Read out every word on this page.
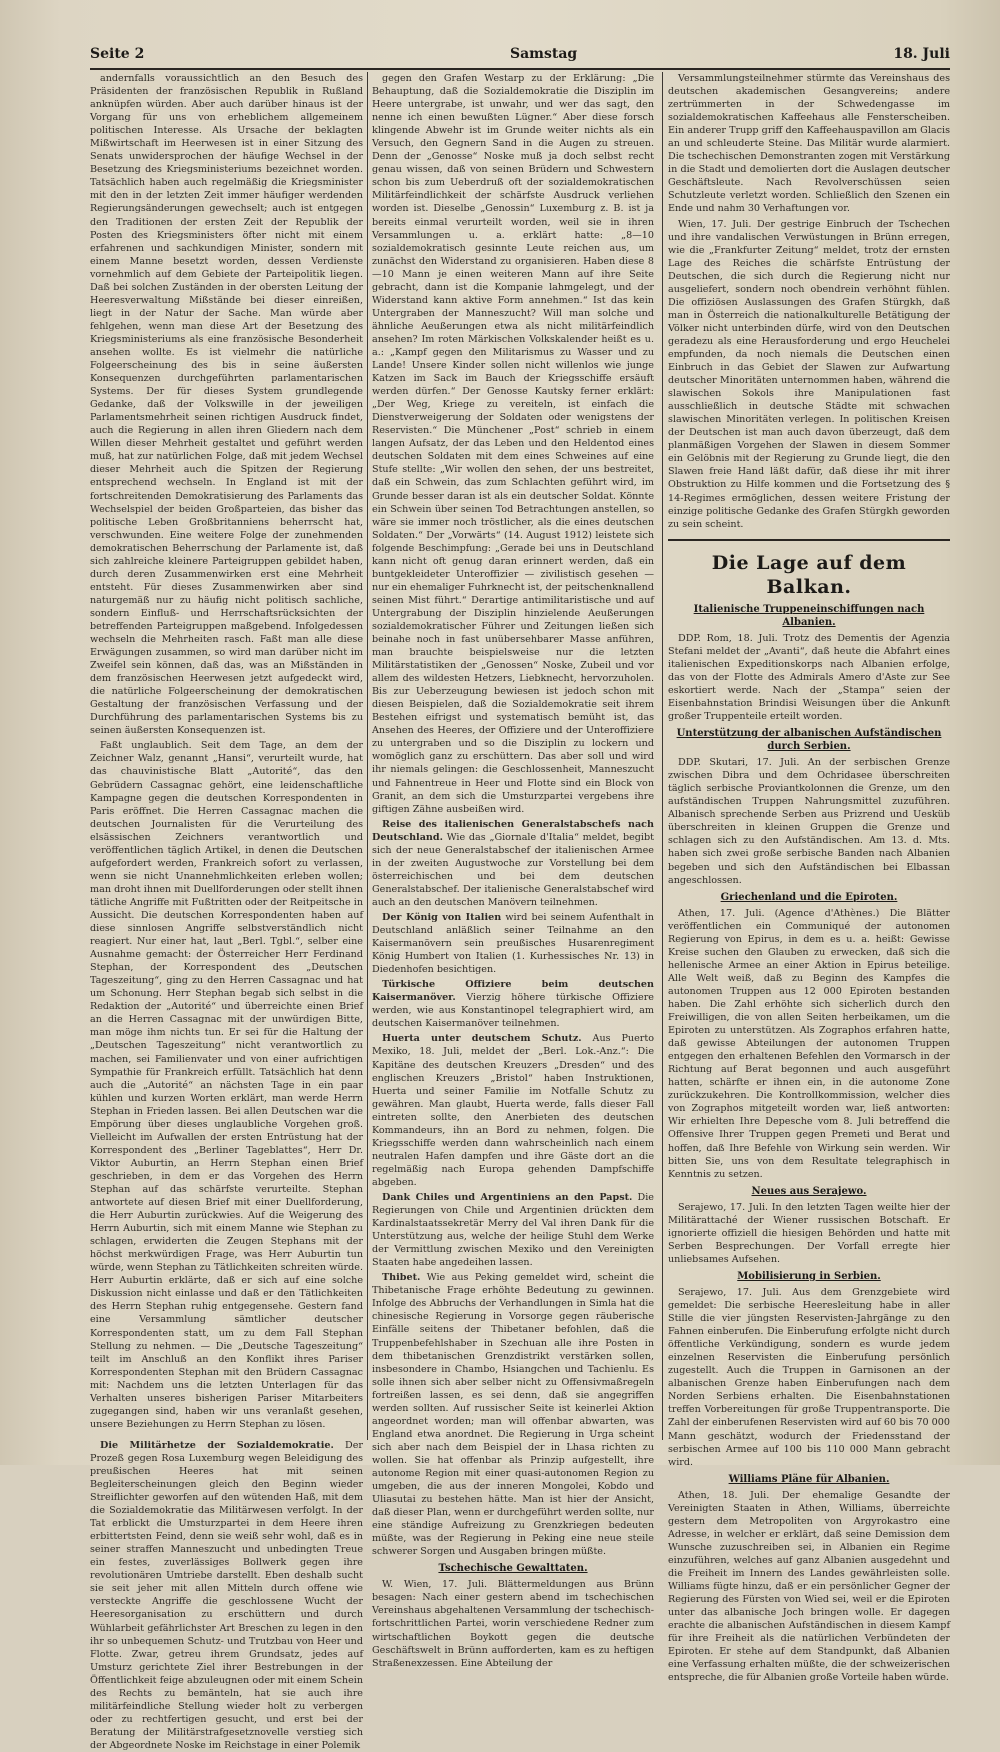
Seite 2	Samstag	18. Juli

andernfalls voraussichtlich an den Besuch des Präsidenten der französischen Republik in Rußland anknüpfen würden. Aber auch darüber hinaus ist der Vorgang für uns von erheblichem allgemeinem politischen Interesse. Als Ursache der beklagten Mißwirtschaft im Heerwesen ist in einer Sitzung des Senats unwidersprochen der häufige Wechsel in der Besetzung des Kriegsministeriums bezeichnet worden. Tatsächlich haben auch regelmäßig die Kriegsminister mit den in der letzten Zeit immer häufiger werdenden Regierungsänderungen gewechselt; auch ist entgegen den Traditionen der ersten Zeit der Republik der Posten des Kriegsministers öfter nicht mit einem erfahrenen und sachkundigen Minister, sondern mit einem Manne besetzt worden, dessen Verdienste vornehmlich auf dem Gebiete der Parteipolitik liegen. Daß bei solchen Zuständen in der obersten Leitung der Heeresverwaltung Mißstände bei dieser einreißen, liegt in der Natur der Sache. Man würde aber fehlgehen, wenn man diese Art der Besetzung des Kriegsministeriums als eine französische Besonderheit ansehen wollte. Es ist vielmehr die natürliche Folgeerscheinung des bis in seine äußersten Konsequenzen durchgeführten parlamentarischen Systems. Der für dieses System grundlegende Gedanke, daß der Volkswille in der jeweiligen Parlamentsmehrheit seinen richtigen Ausdruck findet, auch die Regierung in allen ihren Gliedern nach dem Willen dieser Mehrheit gestaltet und geführt werden muß, hat zur natürlichen Folge, daß mit jedem Wechsel dieser Mehrheit auch die Spitzen der Regierung entsprechend wechseln. In England ist mit der fortschreitenden Demokratisierung des Parlaments das Wechselspiel der beiden Großparteien, das bisher das politische Leben Großbritanniens beherrscht hat, verschwunden. Eine weitere Folge der zunehmenden demokratischen Beherrschung der Parlamente ist, daß sich zahlreiche kleinere Parteigruppen gebildet haben, durch deren Zusammenwirken erst eine Mehrheit entsteht. Für dieses Zusammenwirken aber sind naturgemäß nur zu häufig nicht politisch sachliche, sondern Einfluß- und Herrschaftsrücksichten der betreffenden Parteigruppen maßgebend. Infolgedessen wechseln die Mehrheiten rasch. Faßt man alle diese Erwägungen zusammen, so wird man darüber nicht im Zweifel sein können, daß das, was an Mißständen in dem französischen Heerwesen jetzt aufgedeckt wird, die natürliche Folgeerscheinung der demokratischen Gestaltung der französischen Verfassung und der Durchführung des parlamentarischen Systems bis zu seinen äußersten Konsequenzen ist.

Faßt unglaublich. Seit dem Tage, an dem der Zeichner Walz, genannt „Hansi“, verurteilt wurde, hat das chauvinistische Blatt „Autorité“, das den Gebrüdern Cassagnac gehört, eine leidenschaftliche Kampagne gegen die deutschen Korrespondenten in Paris eröffnet. Die Herren Cassagnac machen die deutschen Journalisten für die Verurteilung des elsässischen Zeichners verantwortlich und veröffentlichen täglich Artikel, in denen die Deutschen aufgefordert werden, Frankreich sofort zu verlassen, wenn sie nicht Unannehmlichkeiten erleben wollen; man droht ihnen mit Duellforderungen oder stellt ihnen tätliche Angriffe mit Fußtritten oder der Reitpeitsche in Aussicht. Die deutschen Korrespondenten haben auf diese sinnlosen Angriffe selbstverständlich nicht reagiert. Nur einer hat, laut „Berl. Tgbl.“, selber eine Ausnahme gemacht: der Österreicher Herr Ferdinand Stephan, der Korrespondent des „Deutschen Tageszeitung“, ging zu den Herren Cassagnac und hat um Schonung. Herr Stephan begab sich selbst in die Redaktion der „Autorité“ und überreichte einen Brief an die Herren Cassagnac mit der unwürdigen Bitte, man möge ihm nichts tun. Er sei für die Haltung der „Deutschen Tageszeitung“ nicht verantwortlich zu machen, sei Familienvater und von einer aufrichtigen Sympathie für Frankreich erfüllt. Tatsächlich hat denn auch die „Autorité“ an nächsten Tage in ein paar kühlen und kurzen Worten erklärt, man werde Herrn Stephan in Frieden lassen. Bei allen Deutschen war die Empörung über dieses unglaubliche Vorgehen groß. Vielleicht im Aufwallen der ersten Entrüstung hat der Korrespondent des „Berliner Tageblattes“, Herr Dr. Viktor Auburtin, an Herrn Stephan einen Brief geschrieben, in dem er das Vorgehen des Herrn Stephan auf das schärfste verurteilte. Stephan antwortete auf diesen Brief mit einer Duellforderung, die Herr Auburtin zurückwies. Auf die Weigerung des Herrn Auburtin, sich mit einem Manne wie Stephan zu schlagen, erwiderten die Zeugen Stephans mit der höchst merkwürdigen Frage, was Herr Auburtin tun würde, wenn Stephan zu Tätlichkeiten schreiten würde. Herr Auburtin erklärte, daß er sich auf eine solche Diskussion nicht einlasse und daß er den Tätlichkeiten des Herrn Stephan ruhig entgegensehe. Gestern fand eine Versammlung sämtlicher deutscher Korrespondenten statt, um zu dem Fall Stephan Stellung zu nehmen. — Die „Deutsche Tageszeitung“ teilt im Anschluß an den Konflikt ihres Pariser Korrespondenten Stephan mit den Brüdern Cassagnac mit: Nachdem uns die letzten Unterlagen für das Verhalten unseres bisherigen Pariser Mitarbeiters zugegangen sind, haben wir uns veranlaßt gesehen, unsere Beziehungen zu Herrn Stephan zu lösen.

Die Militärhetze der Sozialdemokratie. Der Prozeß gegen Rosa Luxemburg wegen Beleidigung des preußischen Heeres hat mit seinen Begleiterscheinungen gleich den Beginn wieder Streiflichter geworfen auf den wütenden Haß, mit dem die Sozialdemokratie das Militärwesen verfolgt. In der Tat erblickt die Umsturzpartei in dem Heere ihren erbittertsten Feind, denn sie weiß sehr wohl, daß es in seiner straffen Manneszucht und unbedingten Treue ein festes, zuverlässiges Bollwerk gegen ihre revolutionären Umtriebe darstellt. Eben deshalb sucht sie seit jeher mit allen Mitteln durch offene wie versteckte Angriffe die geschlossene Wucht der Heeresorganisation zu erschüttern und durch Wühlarbeit gefährlichster Art Breschen zu legen in den ihr so unbequemen Schutz- und Trutzbau von Heer und Flotte. Zwar, getreu ihrem Grundsatz, jedes auf Umsturz gerichtete Ziel ihrer Bestrebungen in der Öffentlichkeit feige abzuleugnen oder mit einem Schein des Rechts zu bemänteln, hat sie auch ihre militärfeindliche Stellung wieder holt zu verbergen oder zu rechtfertigen gesucht, und erst bei der Beratung der Militärstrafgesetznovelle verstieg sich der Abgeordnete Noske im Reichstage in einer Polemik

gegen den Grafen Westarp zu der Erklärung: „Die Behauptung, daß die Sozialdemokratie die Disziplin im Heere untergrabe, ist unwahr, und wer das sagt, den nenne ich einen bewußten Lügner.“ Aber diese forsch klingende Abwehr ist im Grunde weiter nichts als ein Versuch, den Gegnern Sand in die Augen zu streuen. Denn der „Genosse“ Noske muß ja doch selbst recht genau wissen, daß von seinen Brüdern und Schwestern schon bis zum Ueberdruß oft der sozialdemokratischen Militärfeindlichkeit der schärfste Ausdruck verliehen worden ist. Dieselbe „Genossin“ Luxemburg z. B. ist ja bereits einmal verurteilt worden, weil sie in ihren Versammlungen u. a. erklärt hatte: „8—10 sozialdemokratisch gesinnte Leute reichen aus, um zunächst den Widerstand zu organisieren. Haben diese 8—10 Mann je einen weiteren Mann auf ihre Seite gebracht, dann ist die Kompanie lahmgelegt, und der Widerstand kann aktive Form annehmen.“ Ist das kein Untergraben der Manneszucht? Will man solche und ähnliche Aeußerungen etwa als nicht militärfeindlich ansehen? Im roten Märkischen Volkskalender heißt es u. a.: „Kampf gegen den Militarismus zu Wasser und zu Lande! Unsere Kinder sollen nicht willenlos wie junge Katzen im Sack im Bauch der Kriegsschiffe ersäuft werden dürfen.“ Der Genosse Kautsky ferner erklärt: „Der Weg, Kriege zu vereiteln, ist einfach die Dienstverweigerung der Soldaten oder wenigstens der Reservisten.“ Die Münchener „Post“ schrieb in einem langen Aufsatz, der das Leben und den Heldentod eines deutschen Soldaten mit dem eines Schweines auf eine Stufe stellte: „Wir wollen den sehen, der uns bestreitet, daß ein Schwein, das zum Schlachten geführt wird, im Grunde besser daran ist als ein deutscher Soldat. Könnte ein Schwein über seinen Tod Betrachtungen anstellen, so wäre sie immer noch tröstlicher, als die eines deutschen Soldaten.“ Der „Vorwärts“ (14. August 1912) leistete sich folgende Beschimpfung: „Gerade bei uns in Deutschland kann nicht oft genug daran erinnert werden, daß ein buntgekleideter Unteroffizier — zivilistisch gesehen — nur ein ehemaliger Fuhrknecht ist, der peitschenknallend seinen Mist führt.“ Derartige antimilitaristische und auf Untergrabung der Disziplin hinzielende Aeußerungen sozialdemokratischer Führer und Zeitungen ließen sich beinahe noch in fast unübersehbarer Masse anführen, man brauchte beispielsweise nur die letzten Militärstatistiken der „Genossen“ Noske, Zubeil und vor allem des wildesten Hetzers, Liebknecht, hervorzuholen. Bis zur Ueberzeugung bewiesen ist jedoch schon mit diesen Beispielen, daß die Sozialdemokratie seit ihrem Bestehen eifrigst und systematisch bemüht ist, das Ansehen des Heeres, der Offiziere und der Unteroffiziere zu untergraben und so die Disziplin zu lockern und womöglich ganz zu erschüttern. Das aber soll und wird ihr niemals gelingen: die Geschlossenheit, Manneszucht und Fahnentreue in Heer und Flotte sind ein Block von Granit, an dem sich die Umsturzpartei vergebens ihre giftigen Zähne ausbeißen wird.

Reise des italienischen Generalstabschefs nach Deutschland. Wie das „Giornale d'Italia“ meldet, begibt sich der neue Generalstabschef der italienischen Armee in der zweiten Augustwoche zur Vorstellung bei dem österreichischen und bei dem deutschen Generalstabschef. Der italienische Generalstabschef wird auch an den deutschen Manövern teilnehmen.

Der König von Italien wird bei seinem Aufenthalt in Deutschland anläßlich seiner Teilnahme an den Kaisermanövern sein preußisches Husarenregiment König Humbert von Italien (1. Kurhessisches Nr. 13) in Diedenhofen besichtigen.

Türkische Offiziere beim deutschen Kaisermanöver. Vierzig höhere türkische Offiziere werden, wie aus Konstantinopel telegraphiert wird, am deutschen Kaisermanöver teilnehmen.

Huerta unter deutschem Schutz. Aus Puerto Mexiko, 18. Juli, meldet der „Berl. Lok.-Anz.“: Die Kapitäne des deutschen Kreuzers „Dresden“ und des englischen Kreuzers „Bristol“ haben Instruktionen, Huerta und seiner Familie im Notfalle Schutz zu gewähren. Man glaubt, Huerta werde, falls dieser Fall eintreten sollte, den Anerbieten des deutschen Kommandeurs, ihn an Bord zu nehmen, folgen. Die Kriegsschiffe werden dann wahrscheinlich nach einem neutralen Hafen dampfen und ihre Gäste dort an die regelmäßig nach Europa gehenden Dampfschiffe abgeben.

Dank Chiles und Argentiniens an den Papst. Die Regierungen von Chile und Argentinien drückten dem Kardinalstaatssekretär Merry del Val ihren Dank für die Unterstützung aus, welche der heilige Stuhl dem Werke der Vermittlung zwischen Mexiko und den Vereinigten Staaten habe angedeihen lassen.

Thibet. Wie aus Peking gemeldet wird, scheint die Thibetanische Frage erhöhte Bedeutung zu gewinnen. Infolge des Abbruchs der Verhandlungen in Simla hat die chinesische Regierung in Vorsorge gegen räuberische Einfälle seitens der Thibetaner befohlen, daß die Truppenbefehlshaber in Szechuan alle ihre Posten in dem thibetanischen Grenzdistrikt verstärken sollen, insbesondere in Chambo, Hsiangchen und Tachienlu. Es solle ihnen sich aber selber nicht zu Offensivmaßregeln fortreißen lassen, es sei denn, daß sie angegriffen werden sollten. Auf russischer Seite ist keinerlei Aktion angeordnet worden; man will offenbar abwarten, was England etwa anordnet. Die Regierung in Urga scheint sich aber nach dem Beispiel der in Lhasa richten zu wollen. Sie hat offenbar als Prinzip aufgestellt, ihre autonome Region mit einer quasi-autonomen Region zu umgeben, die aus der inneren Mongolei, Kobdo und Uliasutai zu bestehen hätte. Man ist hier der Ansicht, daß dieser Plan, wenn er durchgeführt werden sollte, nur eine ständige Aufreizung zu Grenzkriegen bedeuten müßte, was der Regierung in Peking eine neue steile schwerer Sorgen und Ausgaben bringen müßte.

Tschechische Gewalttaten.

W. Wien, 17. Juli. Blättermeldungen aus Brünn besagen: Nach einer gestern abend im tschechischen Vereinshaus abgehaltenen Versammlung der tschechisch-fortschrittlichen Partei, worin verschiedene Redner zum wirtschaftlichen Boykott gegen die deutsche Geschäftswelt in Brünn aufforderten, kam es zu heftigen Straßenexzessen. Eine Abteilung der

Versammlungsteilnehmer stürmte das Vereinshaus des deutschen akademischen Gesangvereins; andere zertrümmerten in der Schwedengasse im sozialdemokratischen Kaffeehaus alle Fensterscheiben. Ein anderer Trupp griff den Kaffeehauspavillon am Glacis an und schleuderte Steine. Das Militär wurde alarmiert. Die tschechischen Demonstranten zogen mit Verstärkung in die Stadt und demolierten dort die Auslagen deutscher Geschäftsleute. Nach Revolverschüssen seien Schutzleute verletzt worden. Schließlich den Szenen ein Ende und nahm 30 Verhaftungen vor.

Wien, 17. Juli. Der gestrige Einbruch der Tschechen und ihre vandalischen Verwüstungen in Brünn erregen, wie die „Frankfurter Zeitung“ meldet, trotz der ernsten Lage des Reiches die schärfste Entrüstung der Deutschen, die sich durch die Regierung nicht nur ausgeliefert, sondern noch obendrein verhöhnt fühlen. Die offiziösen Auslassungen des Grafen Stürgkh, daß man in Österreich die nationalkulturelle Betätigung der Völker nicht unterbinden dürfe, wird von den Deutschen geradezu als eine Herausforderung und ergo Heuchelei empfunden, da noch niemals die Deutschen einen Einbruch in das Gebiet der Slawen zur Aufwartung deutscher Minoritäten unternommen haben, während die slawischen Sokols ihre Manipulationen fast ausschließlich in deutsche Städte mit schwachen slawischen Minoritäten verlegen. In politischen Kreisen der Deutschen ist man auch davon überzeugt, daß dem planmäßigen Vorgehen der Slawen in diesem Sommer ein Gelöbnis mit der Regierung zu Grunde liegt, die den Slawen freie Hand läßt dafür, daß diese ihr mit ihrer Obstruktion zu Hilfe kommen und die Fortsetzung des § 14-Regimes ermöglichen, dessen weitere Fristung der einzige politische Gedanke des Grafen Stürgkh geworden zu sein scheint.

Die Lage auf dem Balkan.
Italienische Truppeneinschiffungen nach Albanien.

DDP. Rom, 18. Juli. Trotz des Dementis der Agenzia Stefani meldet der „Avanti“, daß heute die Abfahrt eines italienischen Expeditionskorps nach Albanien erfolge, das von der Flotte des Admirals Amero d'Aste zur See eskortiert werde. Nach der „Stampa“ seien der Eisenbahnstation Brindisi Weisungen über die Ankunft großer Truppenteile erteilt worden.

Unterstützung der albanischen Aufständischen durch Serbien.

DDP. Skutari, 17. Juli. An der serbischen Grenze zwischen Dibra und dem Ochridasee überschreiten täglich serbische Proviantkolonnen die Grenze, um den aufständischen Truppen Nahrungsmittel zuzuführen. Albanisch sprechende Serben aus Prizrend und Uesküb überschreiten in kleinen Gruppen die Grenze und schlagen sich zu den Aufständischen. Am 13. d. Mts. haben sich zwei große serbische Banden nach Albanien begeben und sich den Aufständischen bei Elbassan angeschlossen.

Griechenland und die Epiroten.

Athen, 17. Juli. (Agence d'Athènes.) Die Blätter veröffentlichen ein Communiqué der autonomen Regierung von Epirus, in dem es u. a. heißt: Gewisse Kreise suchen den Glauben zu erwecken, daß sich die hellenische Armee an einer Aktion in Epirus beteilige. Alle Welt weiß, daß zu Beginn des Kampfes die autonomen Truppen aus 12 000 Epiroten bestanden haben. Die Zahl erhöhte sich sicherlich durch den Freiwilligen, die von allen Seiten herbeikamen, um die Epiroten zu unterstützen. Als Zographos erfahren hatte, daß gewisse Abteilungen der autonomen Truppen entgegen den erhaltenen Befehlen den Vormarsch in der Richtung auf Berat begonnen und auch ausgeführt hatten, schärfte er ihnen ein, in die autonome Zone zurückzukehren. Die Kontrollkommission, welcher dies von Zographos mitgeteilt worden war, ließ antworten: Wir erhielten Ihre Depesche vom 8. Juli betreffend die Offensive Ihrer Truppen gegen Premeti und Berat und hoffen, daß Ihre Befehle von Wirkung sein werden. Wir bitten Sie, uns von dem Resultate telegraphisch in Kenntnis zu setzen.

Neues aus Serajewo.

Serajewo, 17. Juli. In den letzten Tagen weilte hier der Militärattaché der Wiener russischen Botschaft. Er ignorierte offiziell die hiesigen Behörden und hatte mit Serben Besprechungen. Der Vorfall erregte hier unliebsames Aufsehen.

Mobilisierung in Serbien.

Serajewo, 17. Juli. Aus dem Grenzgebiete wird gemeldet: Die serbische Heeresleitung habe in aller Stille die vier jüngsten Reservisten-Jahrgänge zu den Fahnen einberufen. Die Einberufung erfolgte nicht durch öffentliche Verkündigung, sondern es wurde jedem einzelnen Reservisten die Einberufung persönlich zugestellt. Auch die Truppen in Garnisonen an der albanischen Grenze haben Einberufungen nach dem Norden Serbiens erhalten. Die Eisenbahnstationen treffen Vorbereitungen für große Truppentransporte. Die Zahl der einberufenen Reservisten wird auf 60 bis 70 000 Mann geschätzt, wodurch der Friedensstand der serbischen Armee auf 100 bis 110 000 Mann gebracht wird.

Williams Pläne für Albanien.

Athen, 18. Juli. Der ehemalige Gesandte der Vereinigten Staaten in Athen, Williams, überreichte gestern dem Metropoliten von Argyrokastro eine Adresse, in welcher er erklärt, daß seine Demission dem Wunsche zuzuschreiben sei, in Albanien ein Regime einzuführen, welches auf ganz Albanien ausgedehnt und die Freiheit im Innern des Landes gewährleisten solle. Williams fügte hinzu, daß er ein persönlicher Gegner der Regierung des Fürsten von Wied sei, weil er die Epiroten unter das albanische Joch bringen wolle. Er dagegen erachte die albanischen Aufständischen in diesem Kampf für ihre Freiheit als die natürlichen Verbündeten der Epiroten. Er stehe auf dem Standpunkt, daß Albanien eine Verfassung erhalten müßte, die der schweizerischen entspreche, die für Albanien große Vorteile haben würde.
